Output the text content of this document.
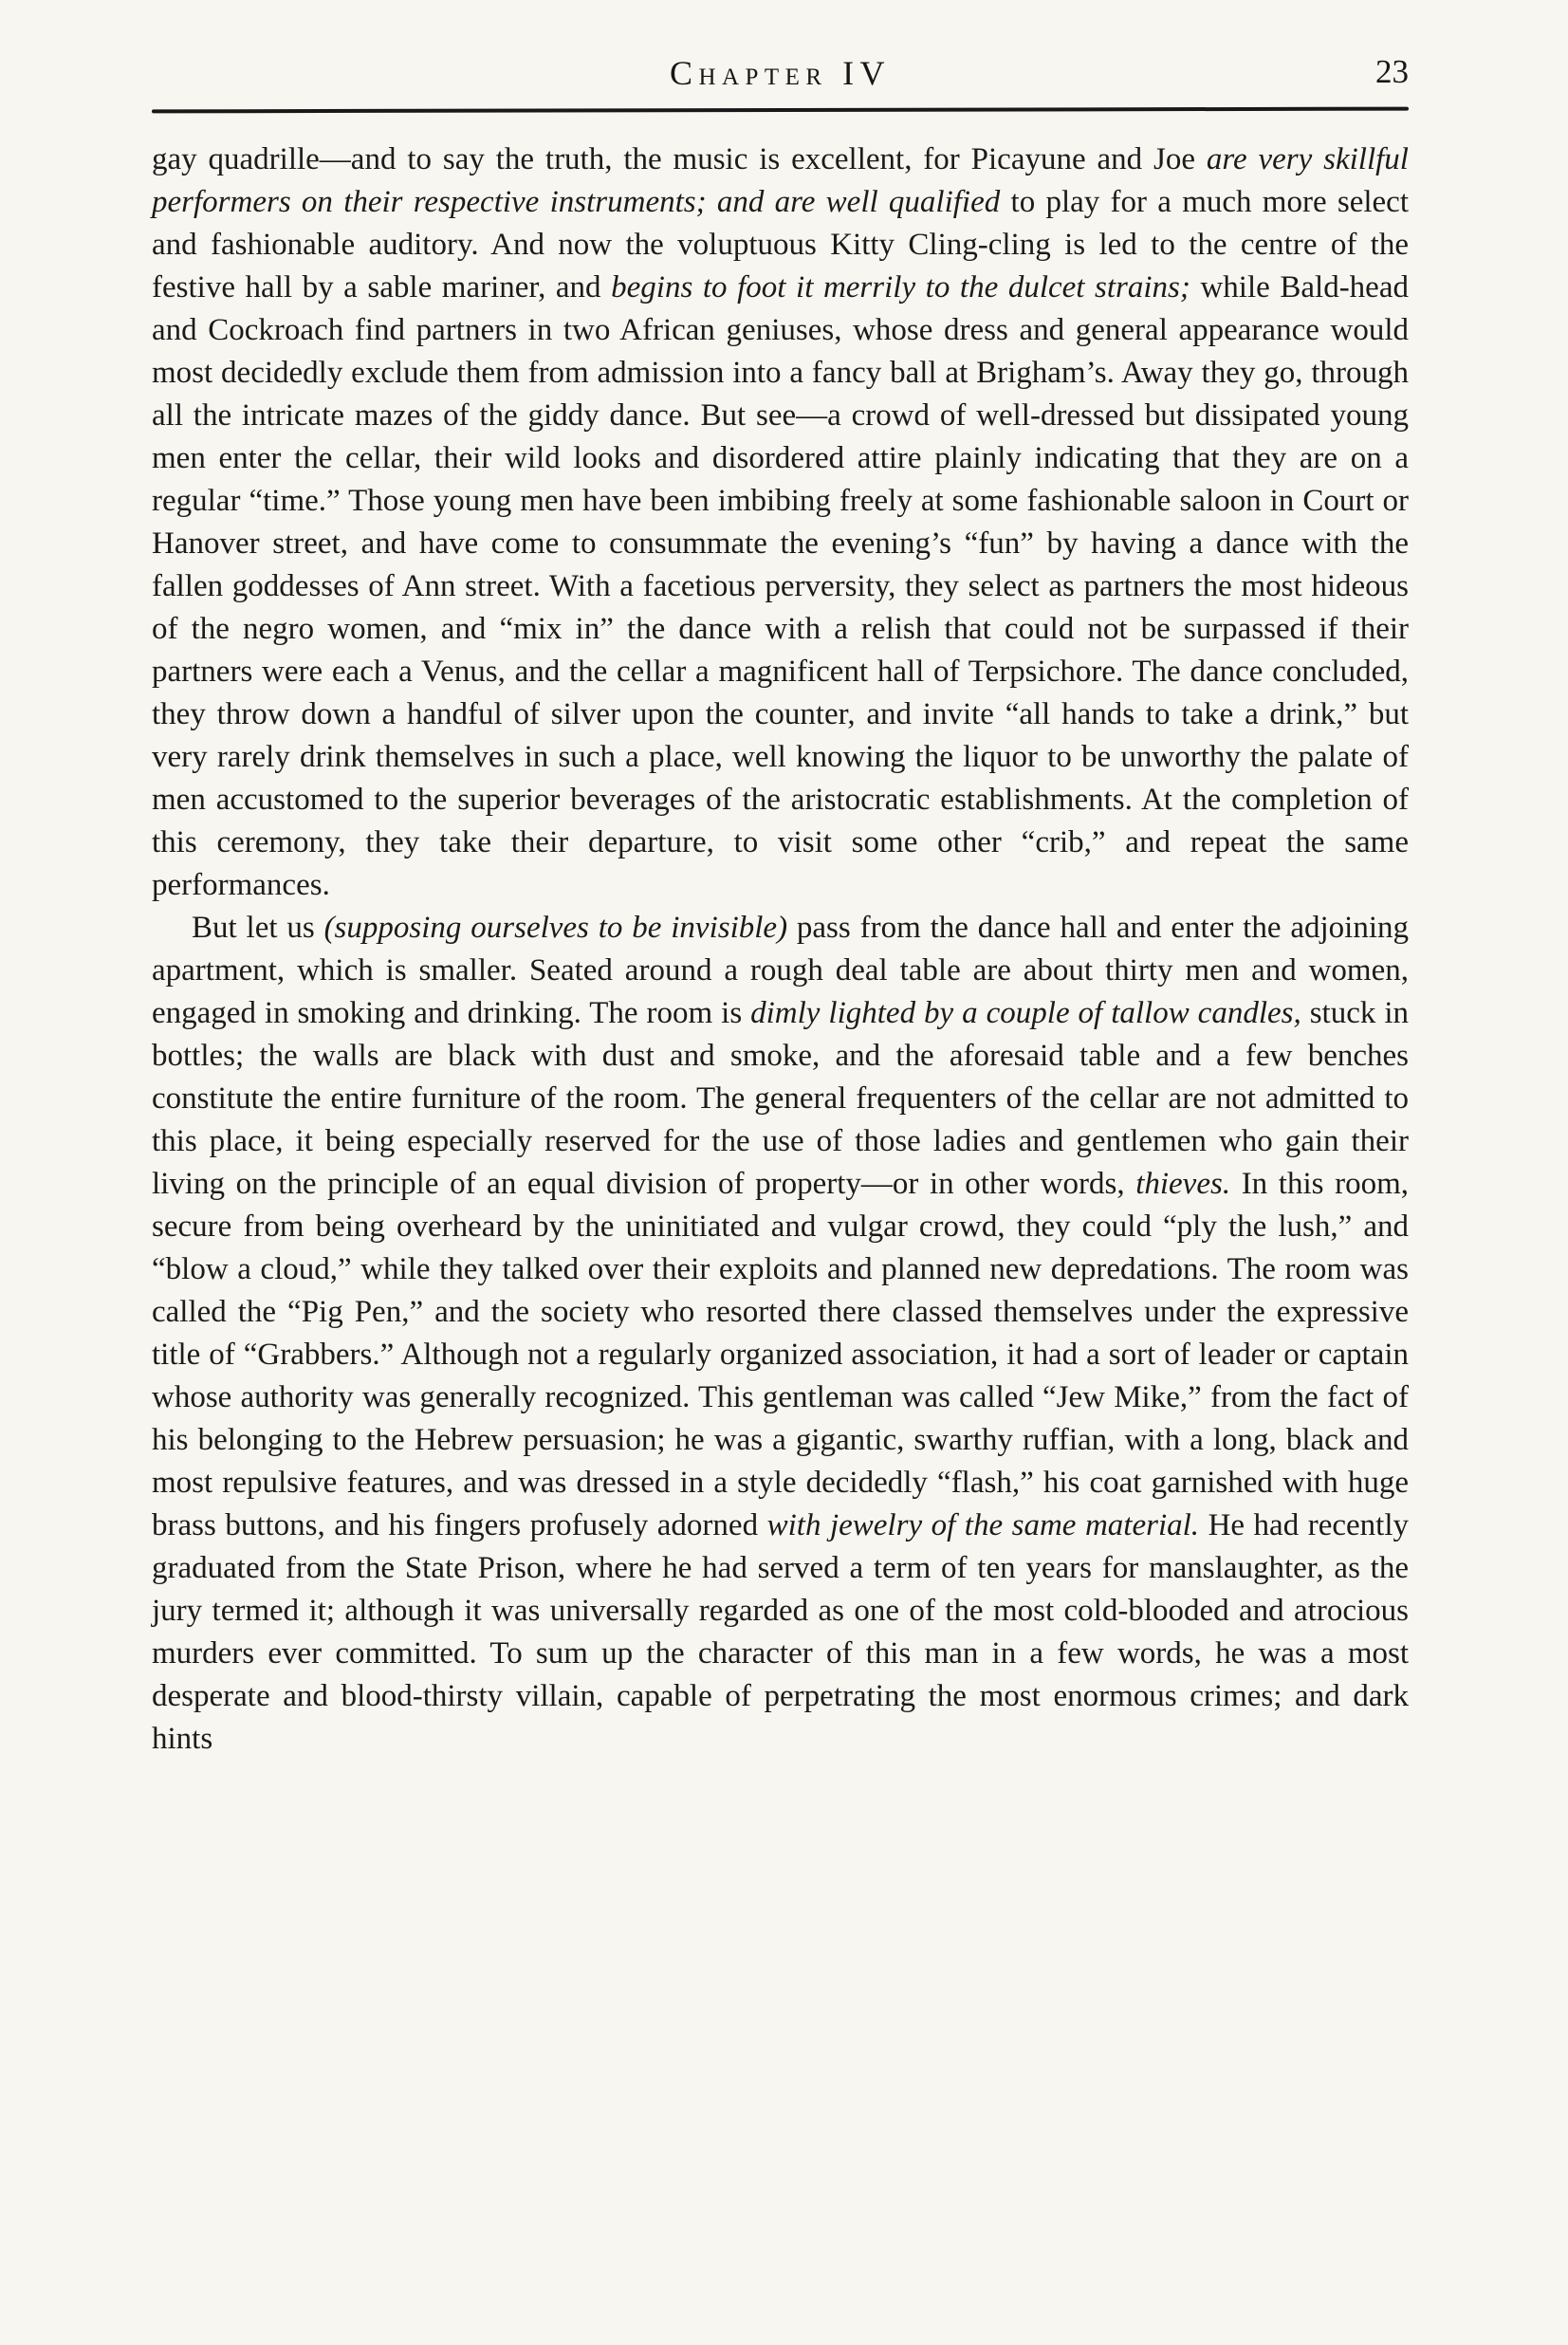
Chapter IV	23

gay quadrille—and to say the truth, the music is excellent, for Picayune and Joe are very skillful performers on their respective instruments; and are well qualified to play for a much more select and fashionable auditory. And now the voluptuous Kitty Cling-cling is led to the centre of the festive hall by a sable mariner, and begins to foot it merrily to the dulcet strains; while Bald-head and Cockroach find partners in two African geniuses, whose dress and general appearance would most decidedly exclude them from admission into a fancy ball at Brigham’s. Away they go, through all the intricate mazes of the giddy dance. But see—a crowd of well-dressed but dissipated young men enter the cellar, their wild looks and disordered attire plainly indicating that they are on a regular “time.” Those young men have been imbibing freely at some fashionable saloon in Court or Hanover street, and have come to consummate the evening’s “fun” by having a dance with the fallen goddesses of Ann street. With a facetious perversity, they select as partners the most hideous of the negro women, and “mix in” the dance with a relish that could not be surpassed if their partners were each a Venus, and the cellar a magnificent hall of Terpsichore. The dance concluded, they throw down a handful of silver upon the counter, and invite “all hands to take a drink,” but very rarely drink themselves in such a place, well knowing the liquor to be unworthy the palate of men accustomed to the superior beverages of the aristocratic establishments. At the completion of this ceremony, they take their departure, to visit some other “crib,” and repeat the same performances.

But let us (supposing ourselves to be invisible) pass from the dance hall and enter the adjoining apartment, which is smaller. Seated around a rough deal table are about thirty men and women, engaged in smoking and drinking. The room is dimly lighted by a couple of tallow candles, stuck in bottles; the walls are black with dust and smoke, and the aforesaid table and a few benches constitute the entire furniture of the room. The general frequenters of the cellar are not admitted to this place, it being especially reserved for the use of those ladies and gentlemen who gain their living on the principle of an equal division of property—or in other words, thieves. In this room, secure from being overheard by the uninitiated and vulgar crowd, they could “ply the lush,” and “blow a cloud,” while they talked over their exploits and planned new depredations. The room was called the “Pig Pen,” and the society who resorted there classed themselves under the expressive title of “Grabbers.” Although not a regularly organized association, it had a sort of leader or captain whose authority was generally recognized. This gentleman was called “Jew Mike,” from the fact of his belonging to the Hebrew persuasion; he was a gigantic, swarthy ruffian, with a long, black and most repulsive features, and was dressed in a style decidedly “flash,” his coat garnished with huge brass buttons, and his fingers profusely adorned with jewelry of the same material. He had recently graduated from the State Prison, where he had served a term of ten years for manslaughter, as the jury termed it; although it was universally regarded as one of the most cold-blooded and atrocious murders ever committed. To sum up the character of this man in a few words, he was a most desperate and blood-thirsty villain, capable of perpetrating the most enormous crimes; and dark hints
